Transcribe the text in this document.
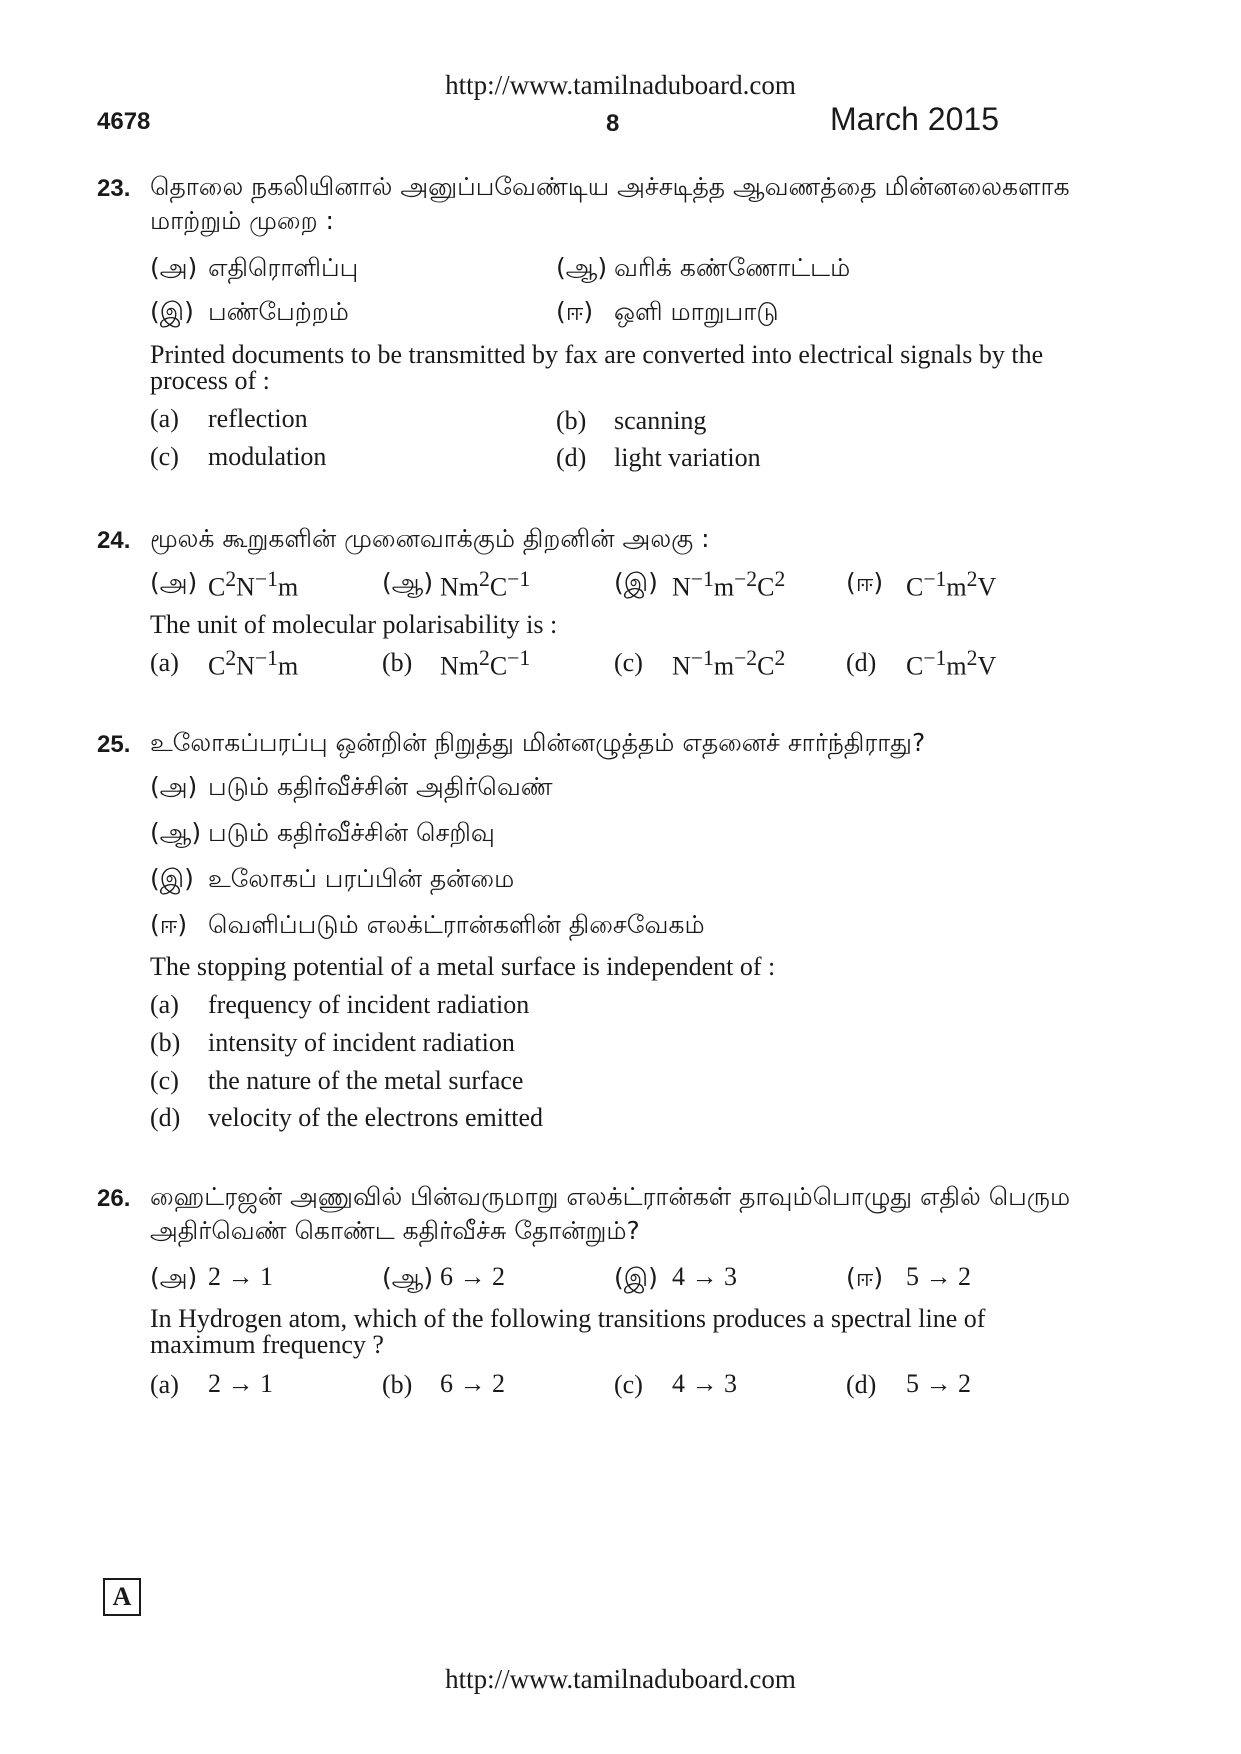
http://www.tamilnaduboard.com
4678	8	March 2015
23. தொலை நகலியினால் அனுப்பவேண்டிய அச்சடித்த ஆவணத்தை மின்னலைகளாக
மாற்றும் முறை :
(அ) எதிரொளிப்பு	(ஆ) வரிக் கண்ணோட்டம்
(இ) பண்பேற்றம்	(ஈ) ஒளி மாறுபாடு
Printed documents to be transmitted by fax are converted into electrical signals by the
process of :
(a) reflection	(b) scanning
(c) modulation	(d) light variation
24. மூலக் கூறுகளின் முனைவாக்கும் திறனின் அலகு :
(அ) $C^2N^{-1}m$	(ஆ) $Nm^2C^{-1}$	(இ) $N^{-1}m^{-2}C^2$ (ஈ) $C^{-1}m^2V$
The unit of molecular polarisability is :
(a) $C^2N^{-1}m$	(b) $Nm^2C^{-1}$	(c) $N^{-1}m^{-2}C^2$ (d) $C^{-1}m^2V$
25. உலோகப்பரப்பு ஒன்றின் நிறுத்து மின்னழுத்தம் எதனைச் சார்ந்திராது?
(அ) படும் கதிர்வீச்சின் அதிர்வெண்
(ஆ) படும் கதிர்வீச்சின் செறிவு
(இ) உலோகப் பரப்பின் தன்மை
(ஈ) வெளிப்படும் எலக்ட்ரான்களின் திசைவேகம்
The stopping potential of a metal surface is independent of :
(a) frequency of incident radiation
(b) intensity of incident radiation
(c) the nature of the metal surface
(d) velocity of the electrons emitted
26. ஹைட்ரஜன் அணுவில் பின்வருமாறு எலக்ட்ரான்கள் தாவும்பொழுது எதில் பெரும
அதிர்வெண் கொண்ட கதிர்வீச்சு தோன்றும்?
(அ) 2 → 1	(ஆ) 6 → 2	(இ) 4 → 3	(ஈ) 5 → 2
In Hydrogen atom, which of the following transitions produces a spectral line of
maximum frequency ?
(a) 2 → 1	(b) 6 → 2	(c) 4 → 3	(d) 5 → 2
A
http://www.tamilnaduboard.com
